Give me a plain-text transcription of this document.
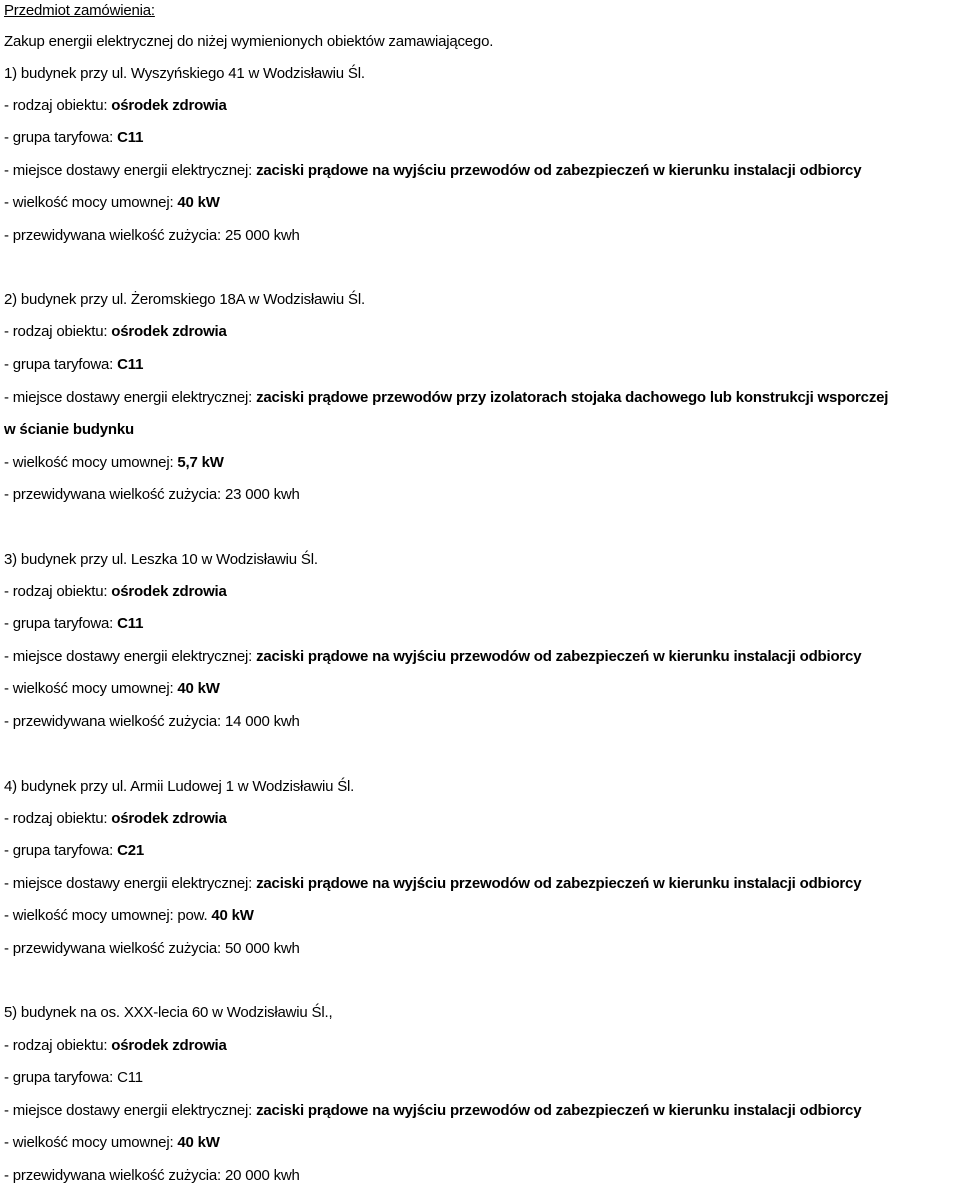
Przedmiot zamówienia:
Zakup energii elektrycznej do niżej wymienionych obiektów zamawiającego.
1) budynek przy ul. Wyszyńskiego 41 w Wodzisławiu Śl.
- rodzaj obiektu: ośrodek zdrowia
- grupa taryfowa: C11
- miejsce dostawy energii elektrycznej: zaciski prądowe na wyjściu przewodów od zabezpieczeń w kierunku instalacji odbiorcy
- wielkość mocy umownej: 40 kW
- przewidywana wielkość zużycia: 25 000 kwh
2) budynek przy ul. Żeromskiego 18A w Wodzisławiu Śl.
- rodzaj obiektu: ośrodek zdrowia
- grupa taryfowa: C11
- miejsce dostawy energii elektrycznej: zaciski prądowe przewodów przy izolatorach stojaka dachowego lub konstrukcji wsporczej
w ścianie budynku
- wielkość mocy umownej: 5,7 kW
- przewidywana wielkość zużycia: 23 000 kwh
3) budynek przy ul. Leszka 10 w Wodzisławiu Śl.
- rodzaj obiektu: ośrodek zdrowia
- grupa taryfowa: C11
- miejsce dostawy energii elektrycznej: zaciski prądowe na wyjściu przewodów od zabezpieczeń w kierunku instalacji odbiorcy
- wielkość mocy umownej: 40 kW
- przewidywana wielkość zużycia: 14 000 kwh
4) budynek przy ul. Armii Ludowej 1 w Wodzisławiu Śl.
- rodzaj obiektu: ośrodek zdrowia
- grupa taryfowa: C21
- miejsce dostawy energii elektrycznej: zaciski prądowe na wyjściu przewodów od zabezpieczeń w kierunku instalacji odbiorcy
- wielkość mocy umownej: pow. 40 kW
- przewidywana wielkość zużycia: 50 000 kwh
5) budynek na os. XXX-lecia 60 w Wodzisławiu Śl.,
- rodzaj obiektu: ośrodek zdrowia
- grupa taryfowa: C11
- miejsce dostawy energii elektrycznej: zaciski prądowe na wyjściu przewodów od zabezpieczeń w kierunku instalacji odbiorcy
- wielkość mocy umownej: 40 kW
- przewidywana wielkość zużycia: 20 000 kwh
